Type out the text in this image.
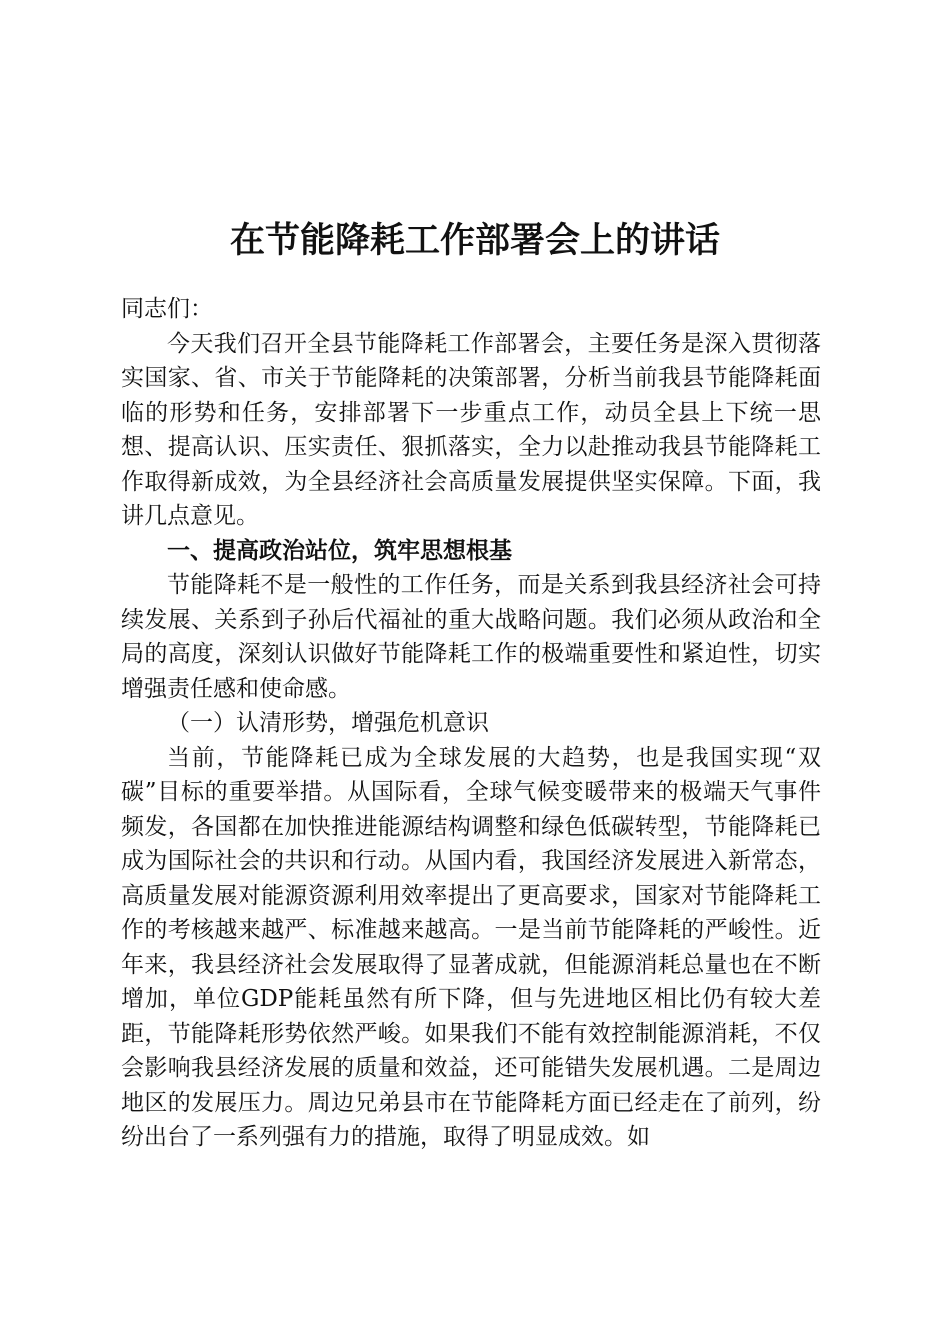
在节能降耗工作部署会上的讲话

同志们：

今天我们召开全县节能降耗工作部署会，主要任务是深入贯彻落实国家、省、市关于节能降耗的决策部署，分析当前我县节能降耗面临的形势和任务，安排部署下一步重点工作，动员全县上下统一思想、提高认识、压实责任、狠抓落实，全力以赴推动我县节能降耗工作取得新成效，为全县经济社会高质量发展提供坚实保障。下面，我讲几点意见。

一、提高政治站位，筑牢思想根基

节能降耗不是一般性的工作任务，而是关系到我县经济社会可持续发展、关系到子孙后代福祉的重大战略问题。我们必须从政治和全局的高度，深刻认识做好节能降耗工作的极端重要性和紧迫性，切实增强责任感和使命感。

（一）认清形势，增强危机意识

当前，节能降耗已成为全球发展的大趋势，也是我国实现“双碳”目标的重要举措。从国际看，全球气候变暖带来的极端天气事件频发，各国都在加快推进能源结构调整和绿色低碳转型，节能降耗已成为国际社会的共识和行动。从国内看，我国经济发展进入新常态，高质量发展对能源资源利用效率提出了更高要求，国家对节能降耗工作的考核越来越严、标准越来越高。一是当前节能降耗的严峻性。近年来，我县经济社会发展取得了显著成就，但能源消耗总量也在不断增加，单位GDP能耗虽然有所下降，但与先进地区相比仍有较大差距，节能降耗形势依然严峻。如果我们不能有效控制能源消耗，不仅会影响我县经济发展的质量和效益，还可能错失发展机遇。二是周边地区的发展压力。周边兄弟县市在节能降耗方面已经走在了前列，纷纷出台了一系列强有力的措施，取得了明显成效。如
